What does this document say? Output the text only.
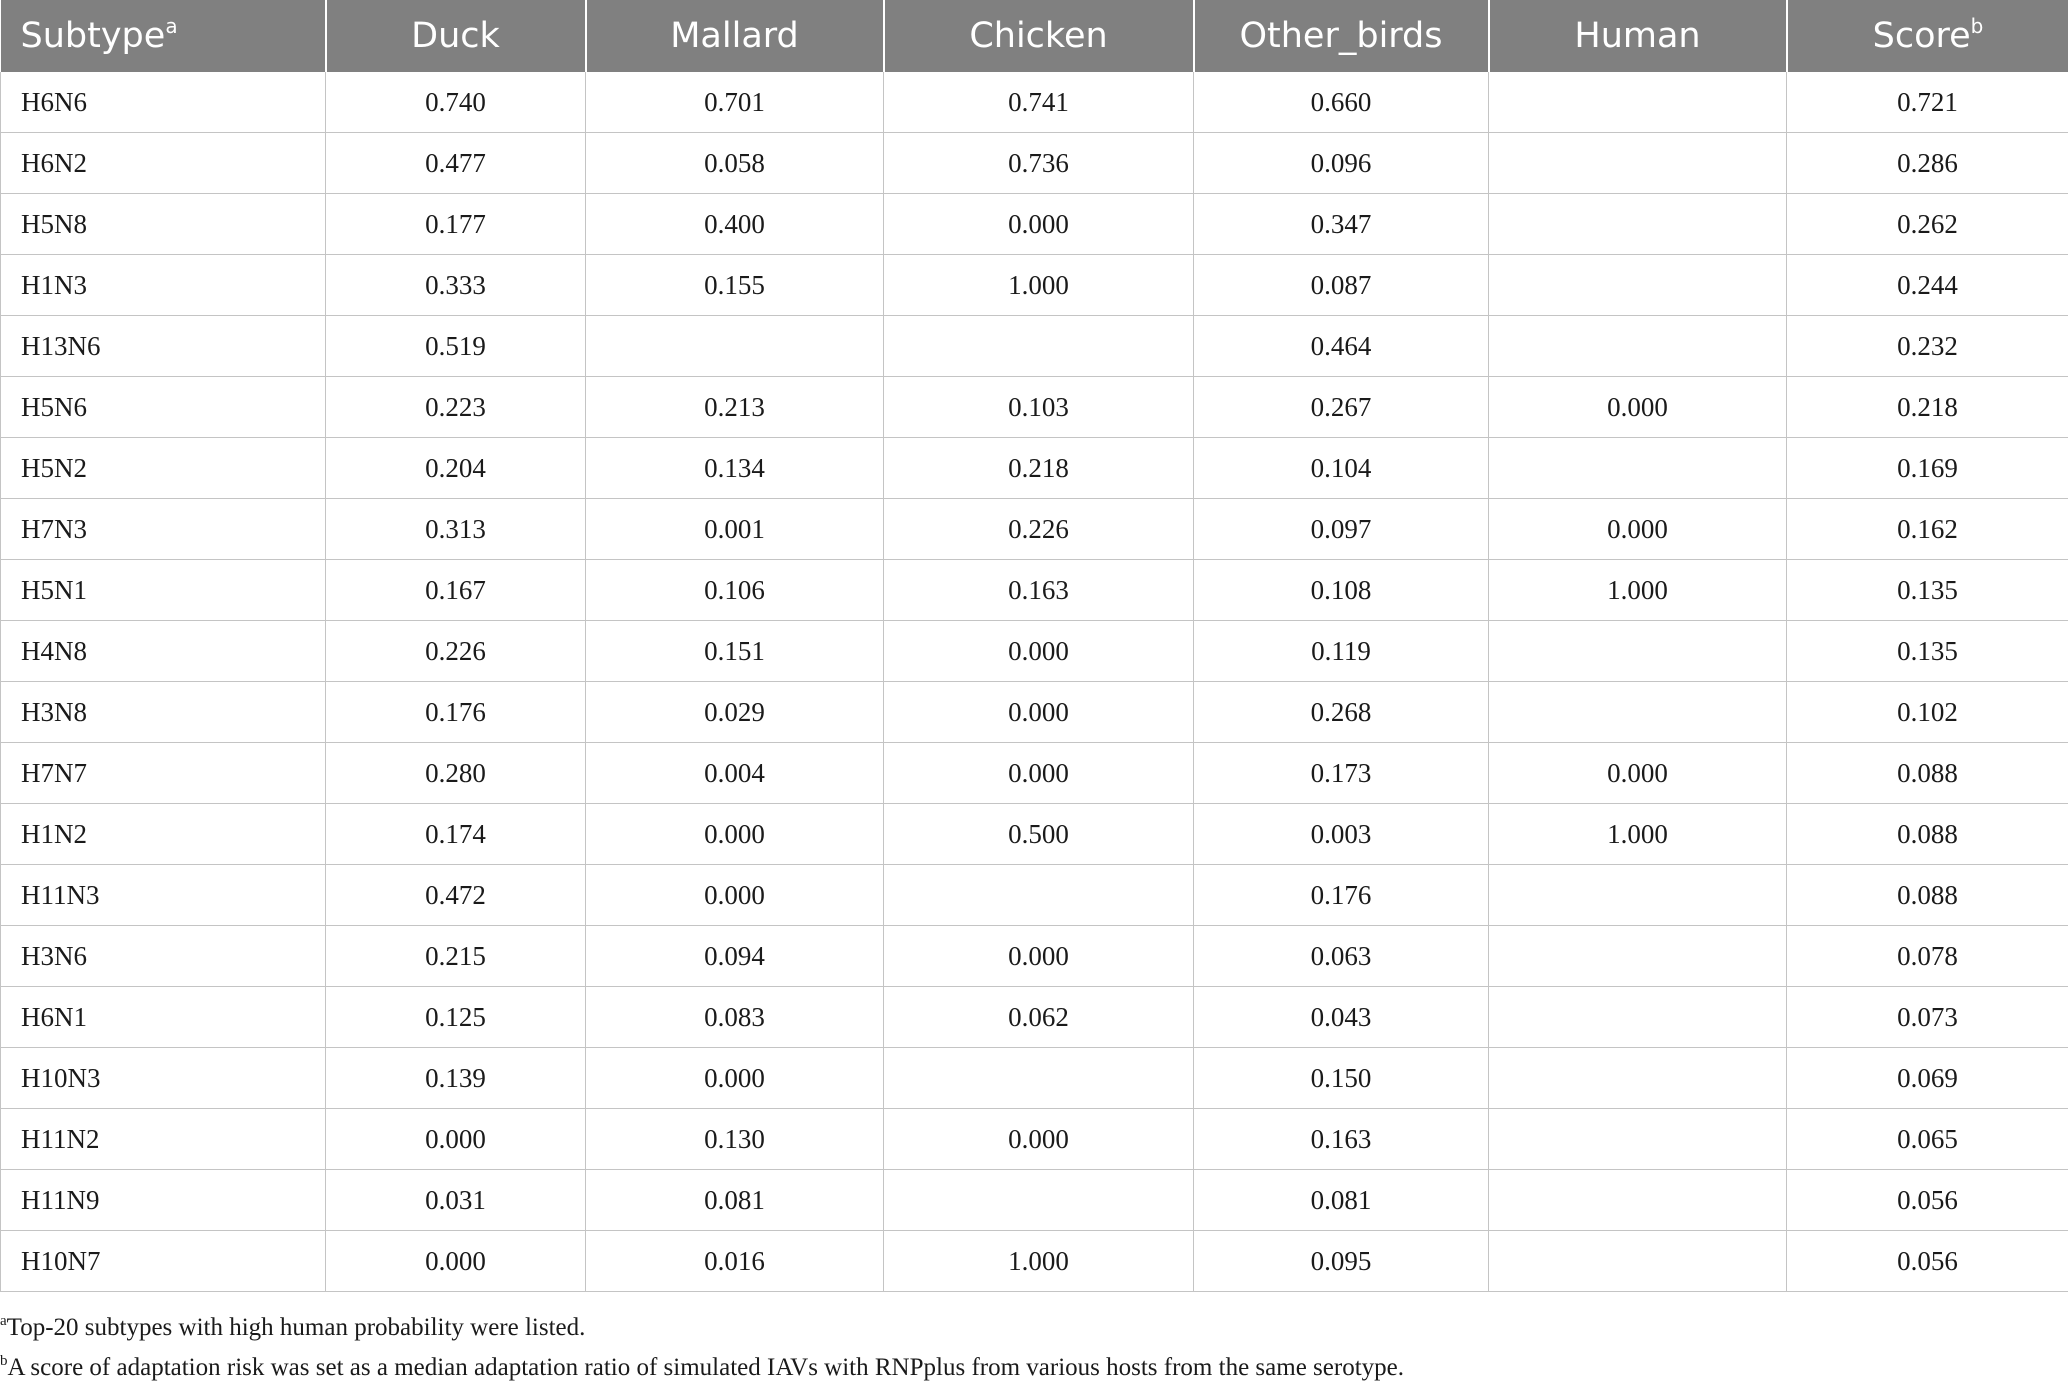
Subtype$^a$	Duck	Mallard	Chicken	Other_birds	Human	Score$^b$
H6N6	0.740	0.701	0.741	0.660		0.721
H6N2	0.477	0.058	0.736	0.096		0.286
H5N8	0.177	0.400	0.000	0.347		0.262
H1N3	0.333	0.155	1.000	0.087		0.244
H13N6	0.519			0.464		0.232
H5N6	0.223	0.213	0.103	0.267	0.000	0.218
H5N2	0.204	0.134	0.218	0.104		0.169
H7N3	0.313	0.001	0.226	0.097	0.000	0.162
H5N1	0.167	0.106	0.163	0.108	1.000	0.135
H4N8	0.226	0.151	0.000	0.119		0.135
H3N8	0.176	0.029	0.000	0.268		0.102
H7N7	0.280	0.004	0.000	0.173	0.000	0.088
H1N2	0.174	0.000	0.500	0.003	1.000	0.088
H11N3	0.472	0.000		0.176		0.088
H3N6	0.215	0.094	0.000	0.063		0.078
H6N1	0.125	0.083	0.062	0.043		0.073
H10N3	0.139	0.000		0.150		0.069
H11N2	0.000	0.130	0.000	0.163		0.065
H11N9	0.031	0.081		0.081		0.056
H10N7	0.000	0.016	1.000	0.095		0.056
$^a$Top-20 subtypes with high human probability were listed.
$^b$A score of adaptation risk was set as a median adaptation ratio of simulated IAVs with RNPplus from various hosts from the same serotype.
